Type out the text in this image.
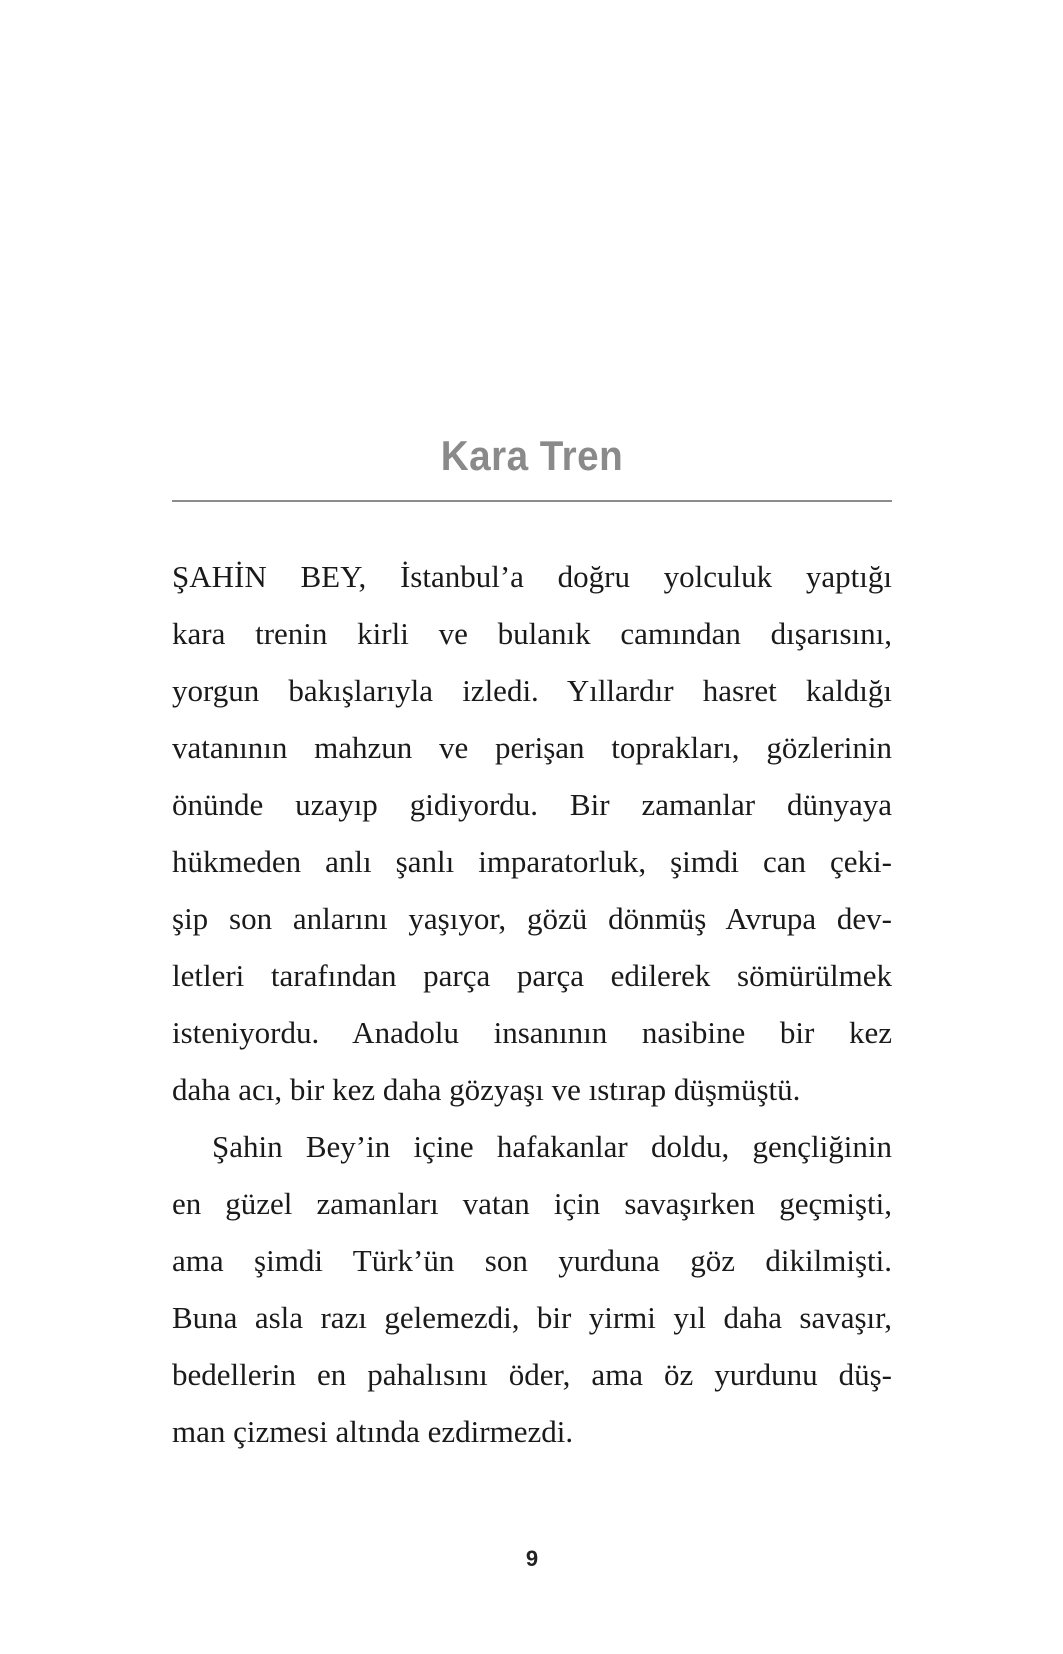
Kara Tren
ŞAHİN BEY, İstanbul’a doğru yolculuk yaptığı
kara trenin kirli ve bulanık camından dışarısını,
yorgun bakışlarıyla izledi. Yıllardır hasret kaldığı
vatanının mahzun ve perişan toprakları, gözlerinin
önünde uzayıp gidiyordu. Bir zamanlar dünyaya
hükmeden anlı şanlı imparatorluk, şimdi can çeki-
şip son anlarını yaşıyor, gözü dönmüş Avrupa dev-
letleri tarafından parça parça edilerek sömürülmek
isteniyordu. Anadolu insanının nasibine bir kez
daha acı, bir kez daha gözyaşı ve ıstırap düşmüştü.
Şahin Bey’in içine hafakanlar doldu, gençliğinin
en güzel zamanları vatan için savaşırken geçmişti,
ama şimdi Türk’ün son yurduna göz dikilmişti.
Buna asla razı gelemezdi, bir yirmi yıl daha savaşır,
bedellerin en pahalısını öder, ama öz yurdunu düş-
man çizmesi altında ezdirmezdi.
9
